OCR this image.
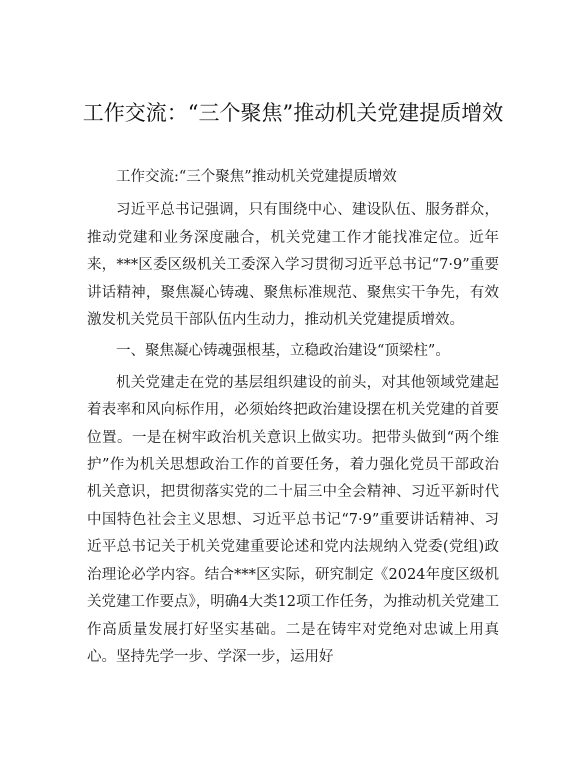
工作交流：“三个聚焦”推动机关党建提质增效

工作交流:“三个聚焦”推动机关党建提质增效

习近平总书记强调，只有围绕中心、建设队伍、服务群众，推动党建和业务深度融合，机关党建工作才能找准定位。近年来，***区委区级机关工委深入学习贯彻习近平总书记“7·9”重要讲话精神，聚焦凝心铸魂、聚焦标准规范、聚焦实干争先，有效激发机关党员干部队伍内生动力，推动机关党建提质增效。

一、聚焦凝心铸魂强根基，立稳政治建设“顶梁柱”。

机关党建走在党的基层组织建设的前头，对其他领域党建起着表率和风向标作用，必须始终把政治建设摆在机关党建的首要位置。一是在树牢政治机关意识上做实功。把带头做到“两个维护”作为机关思想政治工作的首要任务，着力强化党员干部政治机关意识，把贯彻落实党的二十届三中全会精神、习近平新时代中国特色社会主义思想、习近平总书记“7·9”重要讲话精神、习近平总书记关于机关党建重要论述和党内法规纳入党委(党组)政治理论必学内容。结合***区实际，研究制定《2024年度区级机关党建工作要点》，明确4大类12项工作任务，为推动机关党建工作高质量发展打好坚实基础。二是在铸牢对党绝对忠诚上用真心。坚持先学一步、学深一步，运用好
